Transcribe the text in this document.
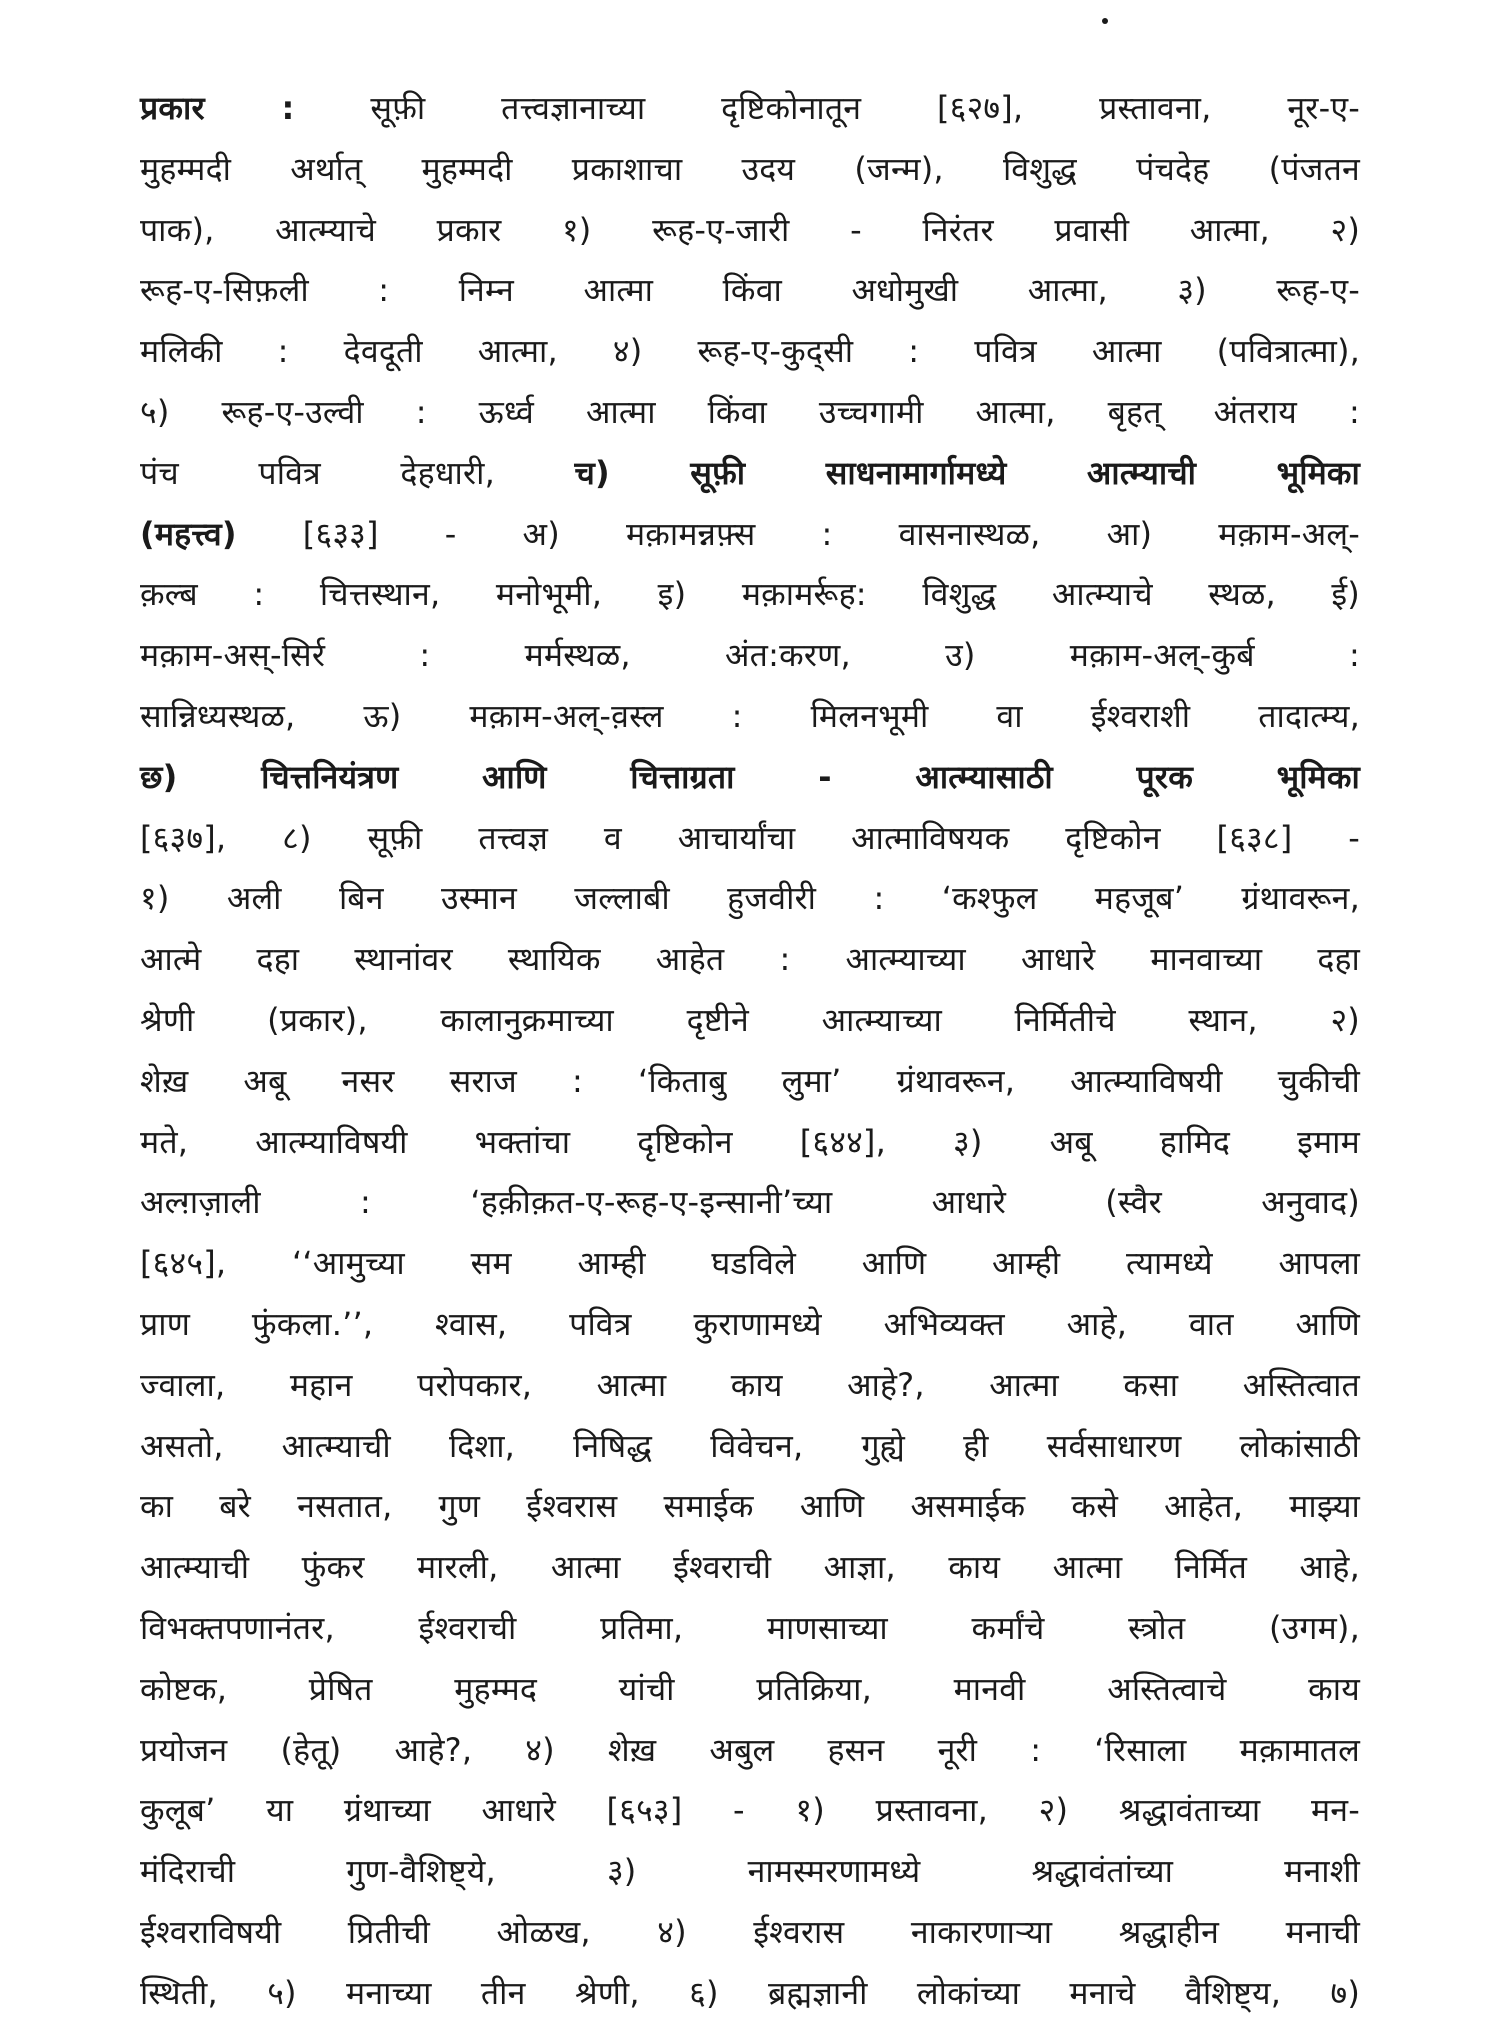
प्रकार : सूफ़ी तत्त्वज्ञानाच्या दृष्टिकोनातून [६२७], प्रस्तावना, नूर-ए-
मुहम्मदी अर्थात् मुहम्मदी प्रकाशाचा उदय (जन्म), विशुद्ध पंचदेह (पंजतन
पाक), आत्म्याचे प्रकार १) रूह-ए-जारी - निरंतर प्रवासी आत्मा, २)
रूह-ए-सिफ़ली : निम्न आत्मा किंवा अधोमुखी आत्मा, ३) रूह-ए-
मलिकी : देवदूती आत्मा, ४) रूह-ए-कुद्सी : पवित्र आत्मा (पवित्रात्मा),
५) रूह-ए-उल्वी : ऊर्ध्व आत्मा किंवा उच्चगामी आत्मा, बृहत् अंतराय :
पंच पवित्र देहधारी, च) सूफ़ी साधनामार्गामध्ये आत्म्याची भूमिका
(महत्त्व) [६३३] - अ) मक़ामन्नफ़्स : वासनास्थळ, आ) मक़ाम-अल्-
क़ल्ब : चित्तस्थान, मनोभूमी, इ) मक़ामर्रूह: विशुद्ध आत्म्याचे स्थळ, ई)
मक़ाम-अस्-सिर्र : मर्मस्थळ, अंत:करण, उ) मक़ाम-अल्-कुर्ब :
सान्निध्यस्थळ, ऊ) मक़ाम-अल्-व़स्ल : मिलनभूमी वा ईश्वराशी तादात्म्य,
छ) चित्तनियंत्रण आणि चित्ताग्रता - आत्म्यासाठी पूरक भूमिका
[६३७], ८) सूफ़ी तत्त्वज्ञ व आचार्यांचा आत्माविषयक दृष्टिकोन [६३८] -
१) अली बिन उस्मान जल्लाबी हुजवीरी : ‘कश्फुल महजूब’ ग्रंथावरून,
आत्मे दहा स्थानांवर स्थायिक आहेत : आत्म्याच्या आधारे मानवाच्या दहा
श्रेणी (प्रकार), कालानुक्रमाच्या दृष्टीने आत्म्याच्या निर्मितीचे स्थान, २)
शेख़ अबू नसर सराज : ‘किताबु लुमा’ ग्रंथावरून, आत्म्याविषयी चुकीची
मते, आत्म्याविषयी भक्तांचा दृष्टिकोन [६४४], ३) अबू हामिद इमाम
अल्ग़ज़ाली : ‘हक़ीक़त-ए-रूह-ए-इन्सानी’च्या आधारे (स्वैर अनुवाद)
[६४५], ‘‘आमुच्या सम आम्ही घडविले आणि आम्ही त्यामध्ये आपला
प्राण फुंकला.’’, श्वास, पवित्र कुराणामध्ये अभिव्यक्त आहे, वात आणि
ज्वाला, महान परोपकार, आत्मा काय आहे?, आत्मा कसा अस्तित्वात
असतो, आत्म्याची दिशा, निषिद्ध विवेचन, गुह्ये ही सर्वसाधारण लोकांसाठी
का बरे नसतात, गुण ईश्वरास समाईक आणि असमाईक कसे आहेत, माझ्या
आत्म्याची फुंकर मारली, आत्मा ईश्वराची आज्ञा, काय आत्मा निर्मित आहे,
विभक्तपणानंतर, ईश्वराची प्रतिमा, माणसाच्या कर्मांचे स्त्रोत (उगम),
कोष्टक, प्रेषित मुहम्मद यांची प्रतिक्रिया, मानवी अस्तित्वाचे काय
प्रयोजन (हेतू) आहे?, ४) शेख़ अबुल हसन नूरी : ‘रिसाला मक़ामातल
कुलूब’ या ग्रंथाच्या आधारे [६५३] - १) प्रस्तावना, २) श्रद्धावंताच्या मन-
मंदिराची गुण-वैशिष्ट्ये, ३) नामस्मरणामध्ये श्रद्धावंतांच्या मनाशी
ईश्वराविषयी प्रितीची ओळख, ४) ईश्वरास नाकारणाऱ्या श्रद्धाहीन मनाची
स्थिती, ५) मनाच्या तीन श्रेणी, ६) ब्रह्मज्ञानी लोकांच्या मनाचे वैशिष्ट्य, ७)
